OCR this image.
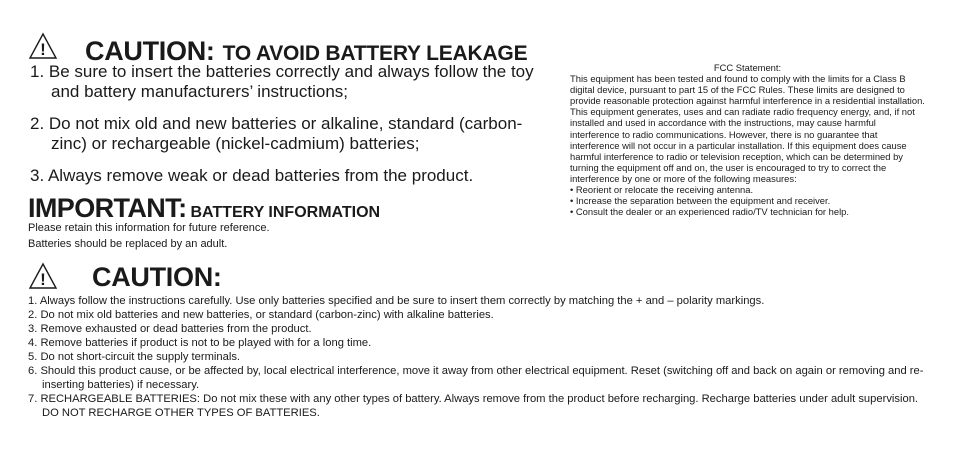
! CAUTION: TO AVOID BATTERY LEAKAGE
1. Be sure to insert the batteries correctly and always follow the toy and battery manufacturers’ instructions;
2. Do not mix old and new batteries or alkaline, standard (carbon-zinc) or rechargeable (nickel-cadmium) batteries;
3. Always remove weak or dead batteries from the product.
IMPORTANT: BATTERY INFORMATION
Please retain this information for future reference.
Batteries should be replaced by an adult.
FCC Statement:
This equipment has been tested and found to comply with the limits for a Class B digital device, pursuant to part 15 of the FCC Rules. These limits are designed to provide reasonable protection against harmful interference in a residential installation. This equipment generates, uses and can radiate radio frequency energy, and, if not installed and used in accordance with the instructions, may cause harmful interference to radio communications. However, there is no guarantee that interference will not occur in a particular installation. If this equipment does cause harmful interference to radio or television reception, which can be determined by turning the equipment off and on, the user is encouraged to try to correct the interference by one or more of the following measures:
• Reorient or relocate the receiving antenna.
• Increase the separation between the equipment and receiver.
• Consult the dealer or an experienced radio/TV technician for help.
! CAUTION:
1. Always follow the instructions carefully. Use only batteries specified and be sure to insert them correctly by matching the + and – polarity markings.
2. Do not mix old batteries and new batteries, or standard (carbon-zinc) with alkaline batteries.
3. Remove exhausted or dead batteries from the product.
4. Remove batteries if product is not to be played with for a long time.
5. Do not short-circuit the supply terminals.
6. Should this product cause, or be affected by, local electrical interference, move it away from other electrical equipment. Reset (switching off and back on again or removing and re-inserting batteries) if necessary.
7. RECHARGEABLE BATTERIES: Do not mix these with any other types of battery. Always remove from the product before recharging. Recharge batteries under adult supervision. DO NOT RECHARGE OTHER TYPES OF BATTERIES.
